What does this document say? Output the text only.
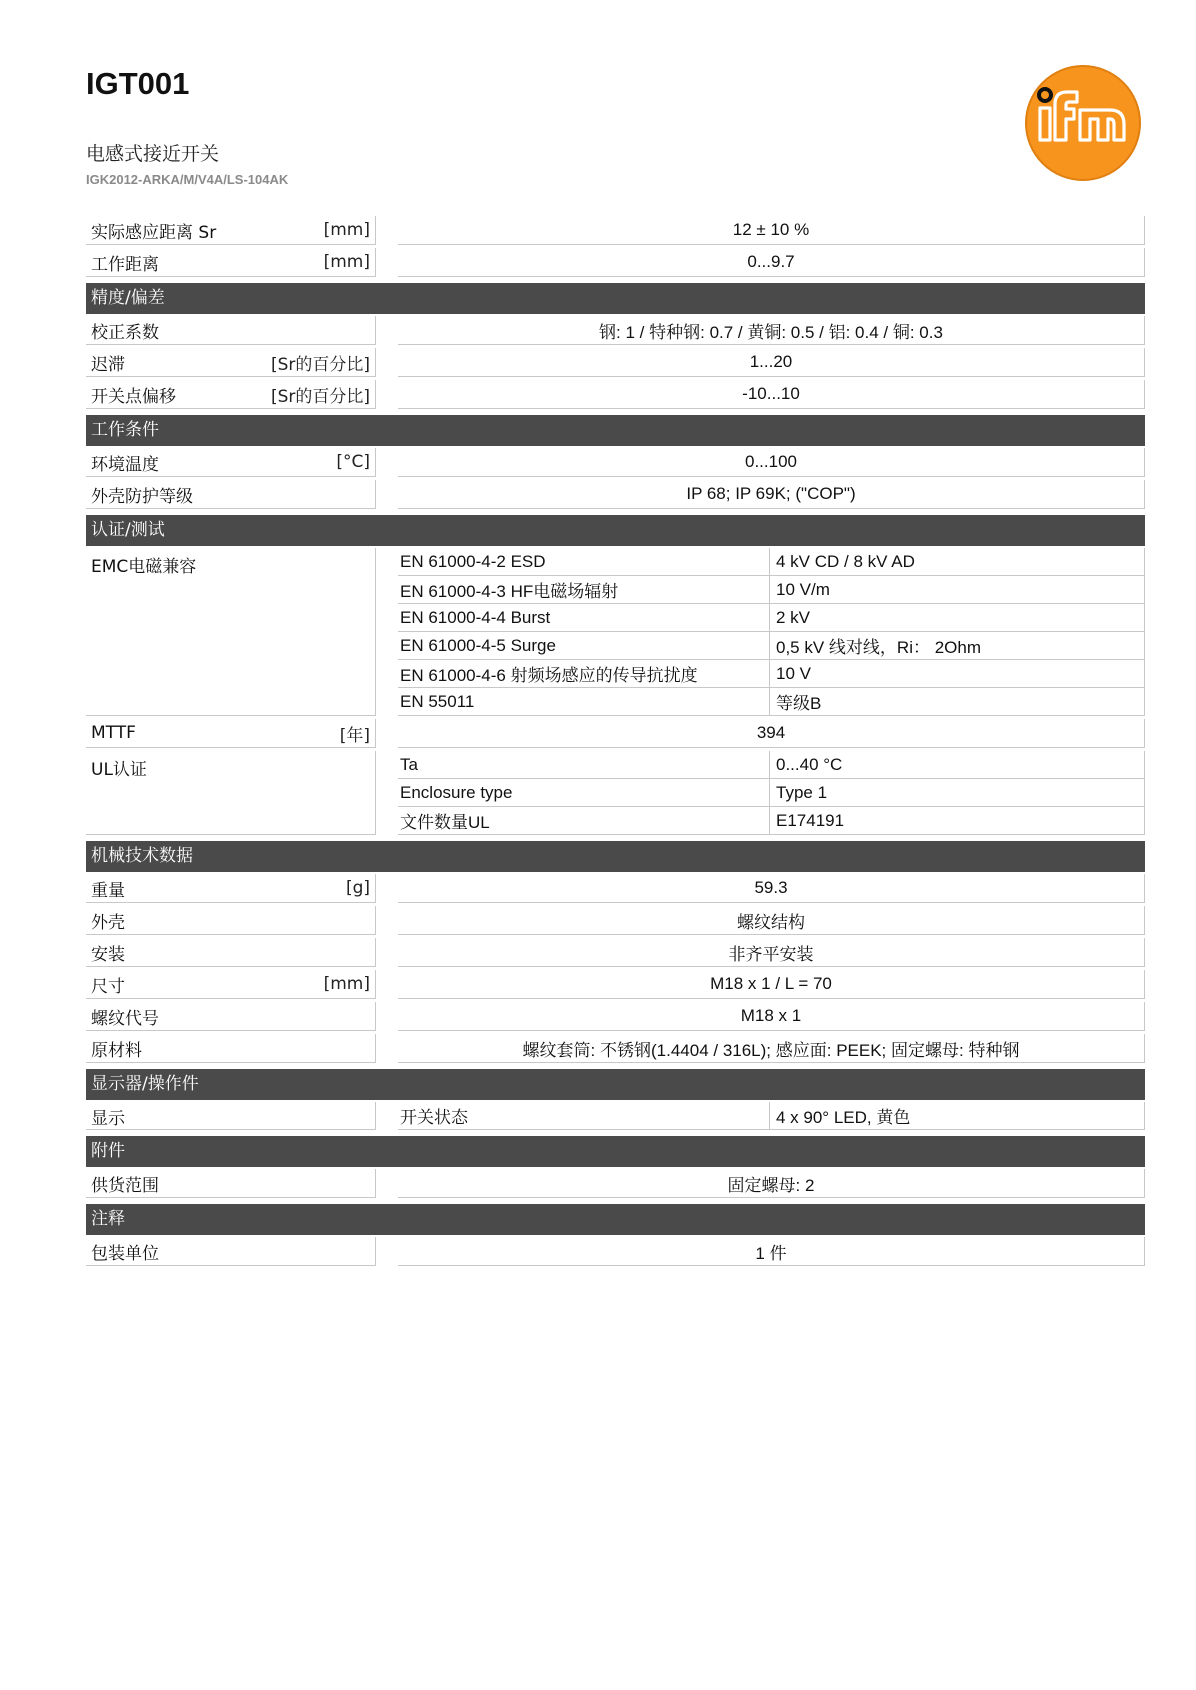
IGT001
电感式接近开关
IGK2012-ARKA/M/V4A/LS-104AK
实际感应距离 Sr	[mm]	12 ± 10 %
工作距离	[mm]	0...9.7
精度/偏差
校正系数	钢: 1 / 特种钢: 0.7 / 黄铜: 0.5 / 铝: 0.4 / 铜: 0.3
迟滞	[Sr的百分比]	1...20
开关点偏移	[Sr的百分比]	-10...10
工作条件
环境温度	[°C]	0...100
外壳防护等级	IP 68; IP 69K; ("COP")
认证/测试
EMC电磁兼容	EN 61000-4-2 ESD	4 kV CD / 8 kV AD
EN 61000-4-3 HF电磁场辐射	10 V/m
EN 61000-4-4 Burst	2 kV
EN 61000-4-5 Surge	0,5 kV 线对线，Ri： 2Ohm
EN 61000-4-6 射频场感应的传导抗扰度	10 V
EN 55011	等级B
MTTF	[年]	394
UL认证	Ta	0...40 °C
Enclosure type	Type 1
文件数量UL	E174191
机械技术数据
重量	[g]	59.3
外壳	螺纹结构
安装	非齐平安装
尺寸	[mm]	M18 x 1 / L = 70
螺纹代号	M18 x 1
原材料	螺纹套筒: 不锈钢(1.4404 / 316L); 感应面: PEEK; 固定螺母: 特种钢
显示器/操作件
显示	开关状态	4 x 90° LED, 黄色
附件
供货范围	固定螺母: 2
注释
包装单位	1 件
